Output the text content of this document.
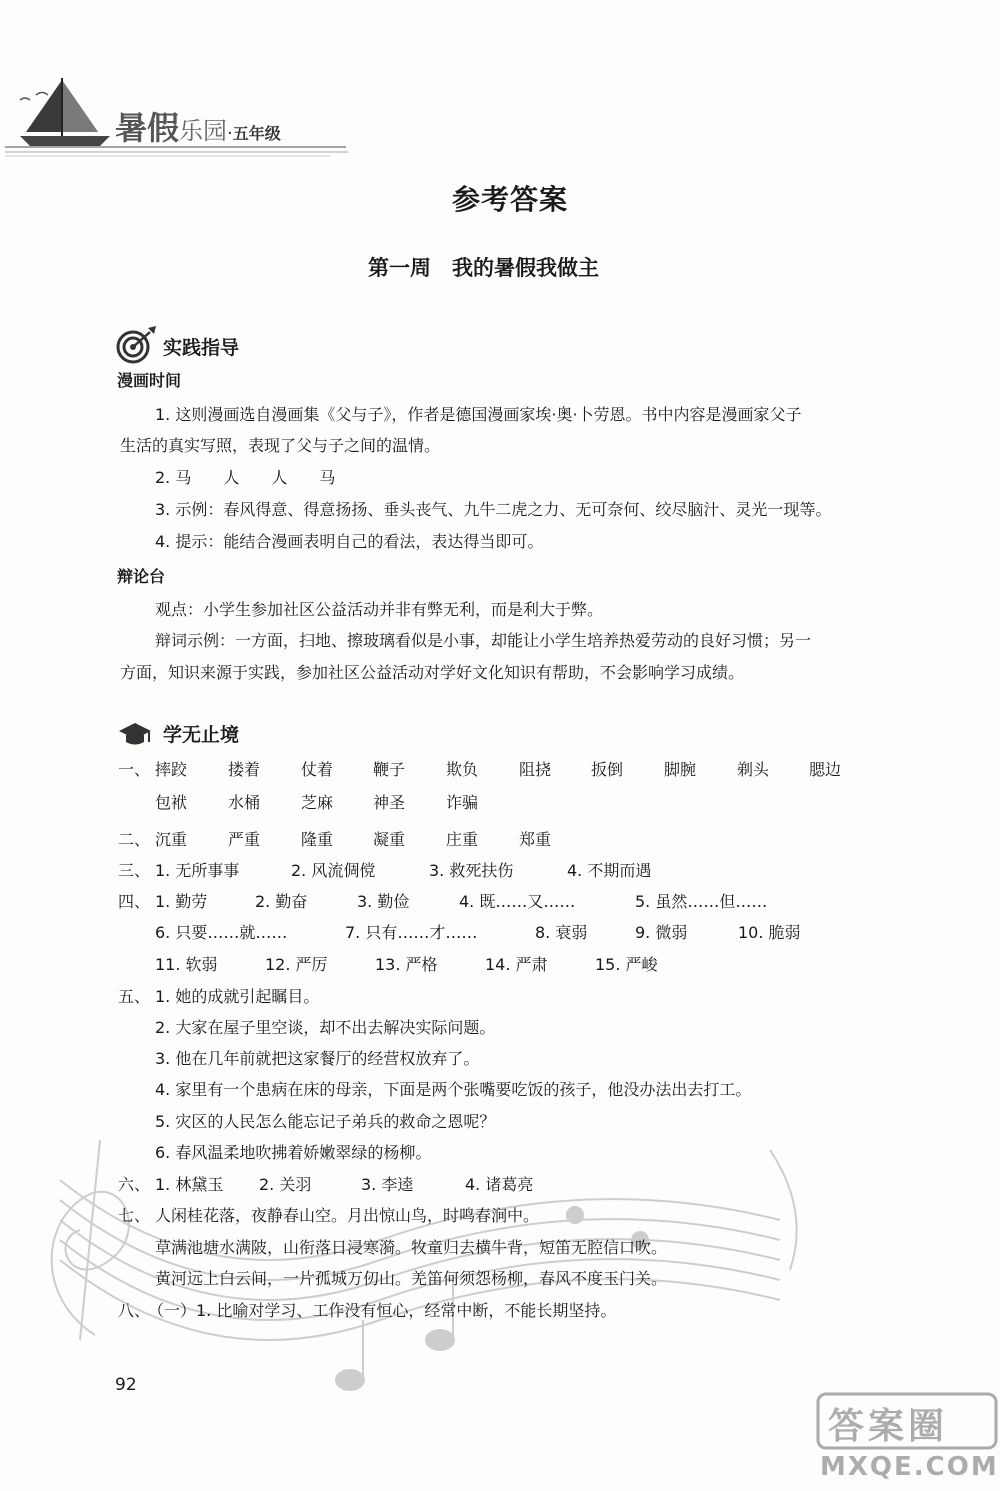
暑假乐园·五年级
参考答案
第一周　我的暑假我做主
实践指导
漫画时间
1. 这则漫画选自漫画集《父与子》，作者是德国漫画家埃·奥·卜劳恩。书中内容是漫画家父子
生活的真实写照，表现了父与子之间的温情。
2. 马　　人　　人　　马
3. 示例：春风得意、得意扬扬、垂头丧气、九牛二虎之力、无可奈何、绞尽脑汁、灵光一现等。
4. 提示：能结合漫画表明自己的看法，表达得当即可。
辩论台
观点：小学生参加社区公益活动并非有弊无利，而是利大于弊。
辩词示例：一方面，扫地、擦玻璃看似是小事，却能让小学生培养热爱劳动的良好习惯；另一
方面，知识来源于实践，参加社区公益活动对学好文化知识有帮助，不会影响学习成绩。
学无止境
一、 摔跤	搂着	仗着 鞭子	欺负	阻挠 扳倒	脚腕	剃头 腮边
包袱	水桶	芝麻 神圣	诈骗
二、 沉重	严重	隆重 凝重	庄重	郑重
三、 1. 无所事事	2. 风流倜傥	3. 救死扶伤	4. 不期而遇
四、 1. 勤劳	2. 勤奋	3. 勤俭	4. 既……又……	5. 虽然……但……
6. 只要……就……	7. 只有……才……	8. 衰弱	9. 微弱	10. 脆弱
11. 软弱	12. 严厉	13. 严格	14. 严肃	15. 严峻
五、 1. 她的成就引起瞩目。
2. 大家在屋子里空谈，却不出去解决实际问题。
3. 他在几年前就把这家餐厅的经营权放弃了。
4. 家里有一个患病在床的母亲，下面是两个张嘴要吃饭的孩子，他没办法出去打工。
5. 灾区的人民怎么能忘记子弟兵的救命之恩呢？
6. 春风温柔地吹拂着娇嫩翠绿的杨柳。
六、 1. 林黛玉 2. 关羽	3. 李逵	4. 诸葛亮
七、 人闲桂花落，夜静春山空。月出惊山鸟，时鸣春涧中。
草满池塘水满陂，山衔落日浸寒漪。牧童归去横牛背，短笛无腔信口吹。
黄河远上白云间，一片孤城万仞山。羌笛何须怨杨柳，春风不度玉门关。
八、
（一）1. 比喻对学习、工作没有恒心，经常中断，不能长期坚持。
92
答案圈
MXQE.COM
